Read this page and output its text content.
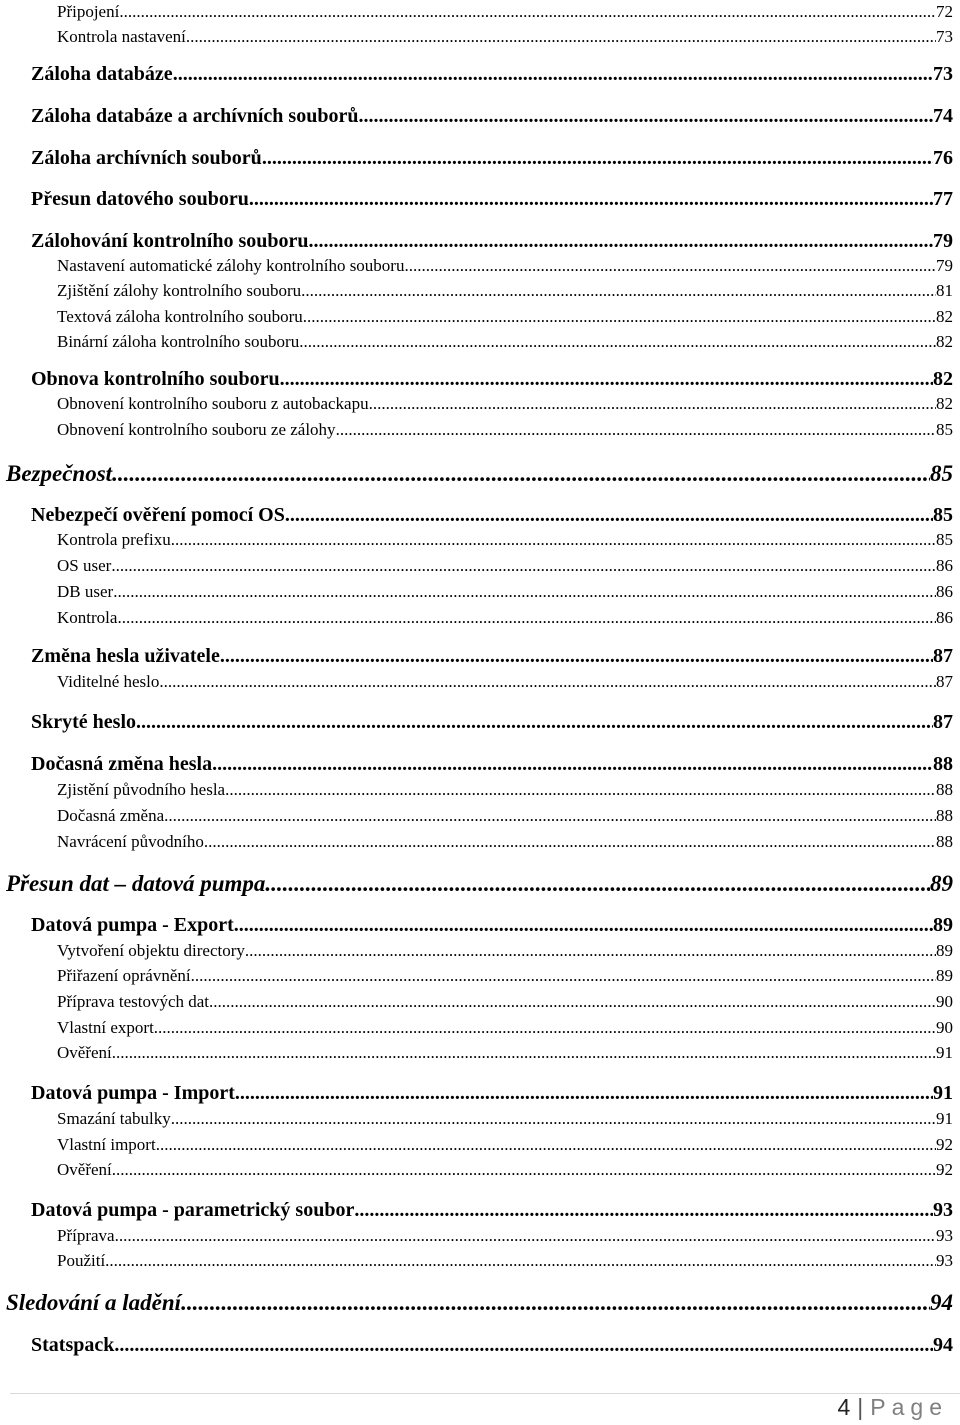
Připojení .....	72
Kontrola nastavení .....	73
Záloha databáze .....	73
Záloha databáze a archívních souborů .....	74
Záloha archívních souborů .....	76
Přesun datového souboru .....	77
Zálohování kontrolního souboru .....	79
Nastavení automatické zálohy kontrolního souboru .....	79
Zjištění zálohy kontrolního souboru .....	81
Textová záloha kontrolního souboru .....	82
Binární záloha kontrolního souboru .....	82
Obnova kontrolního souboru .....	82
Obnovení kontrolního souboru z autobackapu .....	82
Obnovení kontrolního souboru ze zálohy .....	85
Bezpečnost .....	85
Nebezpečí ověření pomocí OS .....	85
Kontrola prefixu .....	85
OS user .....	86
DB user .....	86
Kontrola .....	86
Změna hesla uživatele .....	87
Viditelné heslo .....	87
Skryté heslo .....	87
Dočasná změna hesla .....	88
Zjistění původního hesla .....	88
Dočasná změna .....	88
Navrácení původního .....	88
Přesun dat – datová pumpa .....	89
Datová pumpa - Export .....	89
Vytvoření objektu directory .....	89
Přiřazení oprávnění .....	89
Příprava testových dat .....	90
Vlastní export .....	90
Ověření .....	91
Datová pumpa - Import .....	91
Smazání tabulky .....	91
Vlastní import .....	92
Ověření .....	92
Datová pumpa - parametrický soubor .....	93
Příprava .....	93
Použití .....	93
Sledování a ladění .....	94
Statspack .....	94
4 | Page
